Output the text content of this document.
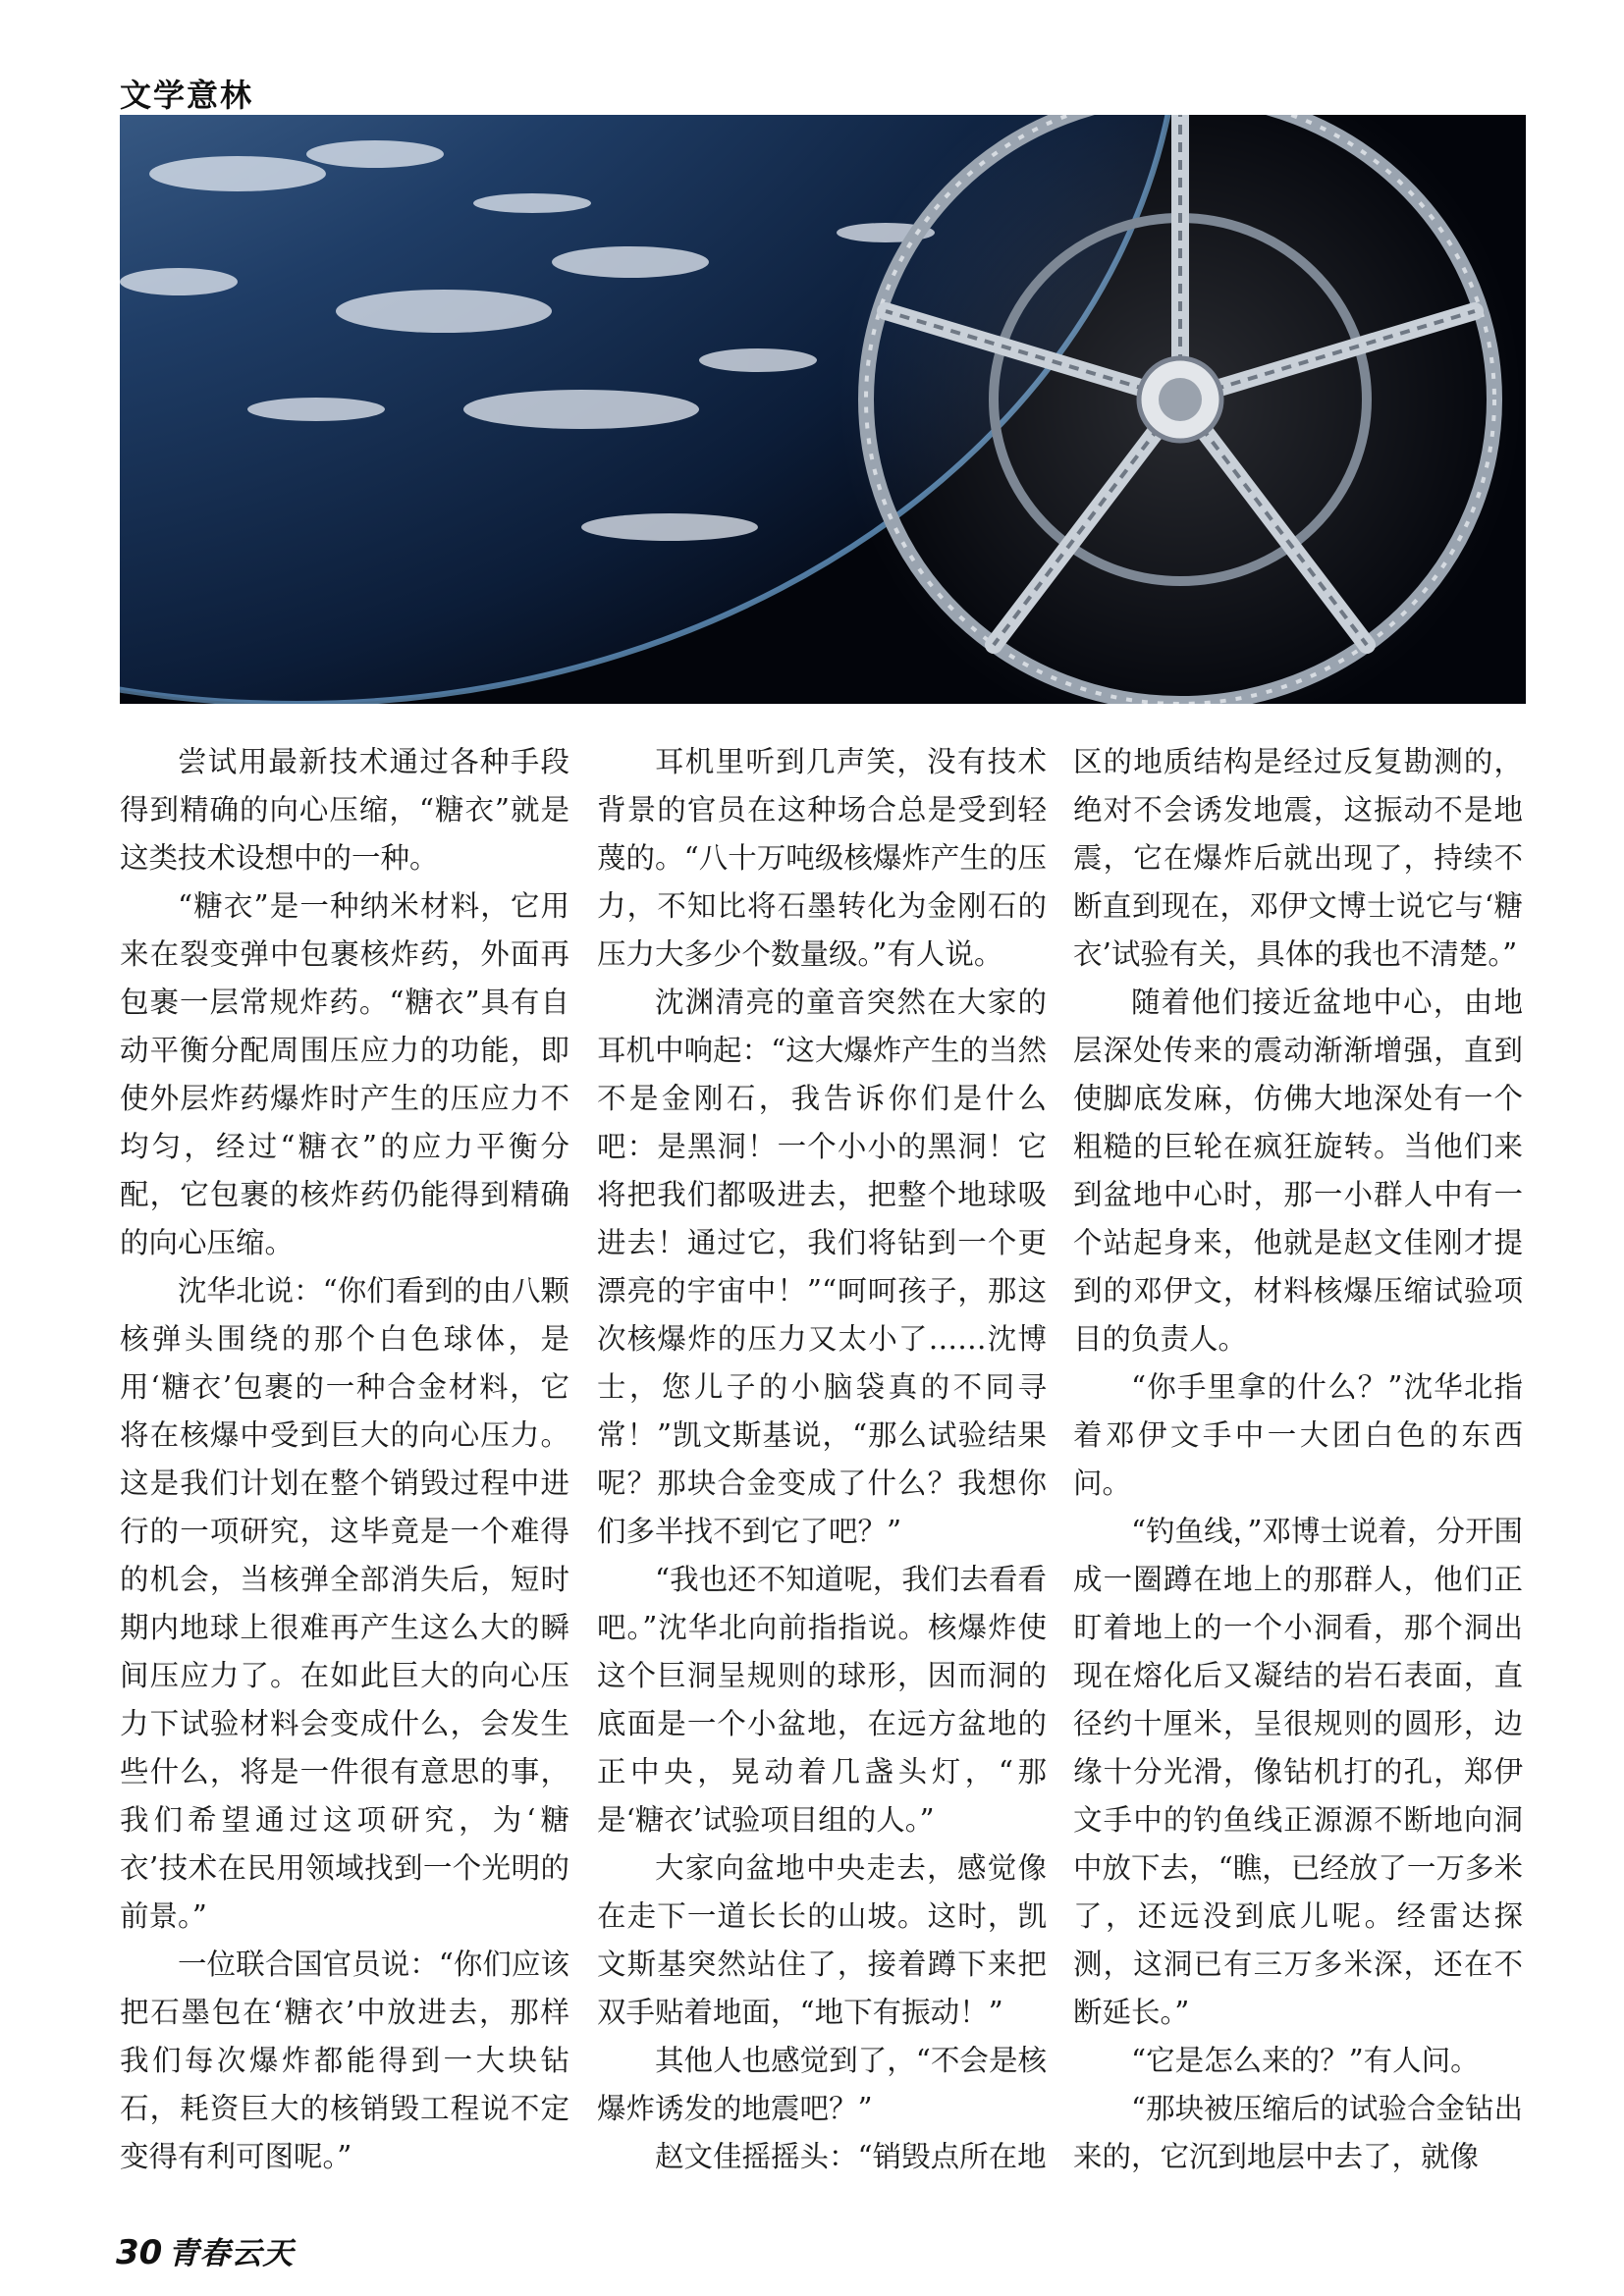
文学意林

尝试用最新技术通过各种手段得到精确的向心压缩，“糖衣”就是这类技术设想中的一种。

“糖衣”是一种纳米材料，它用来在裂变弹中包裹核炸药，外面再包裹一层常规炸药。“糖衣”具有自动平衡分配周围压应力的功能，即使外层炸药爆炸时产生的压应力不均匀，经过“糖衣”的应力平衡分配，它包裹的核炸药仍能得到精确的向心压缩。

沈华北说：“你们看到的由八颗核弹头围绕的那个白色球体，是用‘糖衣’包裹的一种合金材料，它将在核爆中受到巨大的向心压力。这是我们计划在整个销毁过程中进行的一项研究，这毕竟是一个难得的机会，当核弹全部消失后，短时期内地球上很难再产生这么大的瞬间压应力了。在如此巨大的向心压力下试验材料会变成什么，会发生些什么，将是一件很有意思的事，我们希望通过这项研究，为‘糖衣’技术在民用领域找到一个光明的前景。”

一位联合国官员说：“你们应该把石墨包在‘糖衣’中放进去，那样我们每次爆炸都能得到一大块钻石，耗资巨大的核销毁工程说不定变得有利可图呢。”

耳机里听到几声笑，没有技术背景的官员在这种场合总是受到轻蔑的。“八十万吨级核爆炸产生的压力，不知比将石墨转化为金刚石的压力大多少个数量级。”有人说。

沈渊清亮的童音突然在大家的耳机中响起：“这大爆炸产生的当然不是金刚石，我告诉你们是什么吧：是黑洞！一个小小的黑洞！它将把我们都吸进去，把整个地球吸进去！通过它，我们将钻到一个更漂亮的宇宙中！”“呵呵孩子，那这次核爆炸的压力又太小了……沈博士，您儿子的小脑袋真的不同寻常！”凯文斯基说，“那么试验结果呢？那块合金变成了什么？我想你们多半找不到它了吧？”

“我也还不知道呢，我们去看看吧。”沈华北向前指指说。核爆炸使这个巨洞呈规则的球形，因而洞的底面是一个小盆地，在远方盆地的正中央，晃动着几盏头灯，“那是‘糖衣’试验项目组的人。”

大家向盆地中央走去，感觉像在走下一道长长的山坡。这时，凯文斯基突然站住了，接着蹲下来把双手贴着地面，“地下有振动！”

其他人也感觉到了，“不会是核爆炸诱发的地震吧？”

赵文佳摇摇头：“销毁点所在地

区的地质结构是经过反复勘测的，绝对不会诱发地震，这振动不是地震，它在爆炸后就出现了，持续不断直到现在，邓伊文博士说它与‘糖衣’试验有关，具体的我也不清楚。”

随着他们接近盆地中心，由地层深处传来的震动渐渐增强，直到使脚底发麻，仿佛大地深处有一个粗糙的巨轮在疯狂旋转。当他们来到盆地中心时，那一小群人中有一个站起身来，他就是赵文佳刚才提到的邓伊文，材料核爆压缩试验项目的负责人。

“你手里拿的什么？”沈华北指着邓伊文手中一大团白色的东西问。

“钓鱼线，”邓博士说着，分开围成一圈蹲在地上的那群人，他们正盯着地上的一个小洞看，那个洞出现在熔化后又凝结的岩石表面，直径约十厘米，呈很规则的圆形，边缘十分光滑，像钻机打的孔，郑伊文手中的钓鱼线正源源不断地向洞中放下去，“瞧，已经放了一万多米了，还远没到底儿呢。经雷达探测，这洞已有三万多米深，还在不断延长。”

“它是怎么来的？”有人问。

“那块被压缩后的试验合金钻出来的，它沉到地层中去了，就像

30 青春云天
